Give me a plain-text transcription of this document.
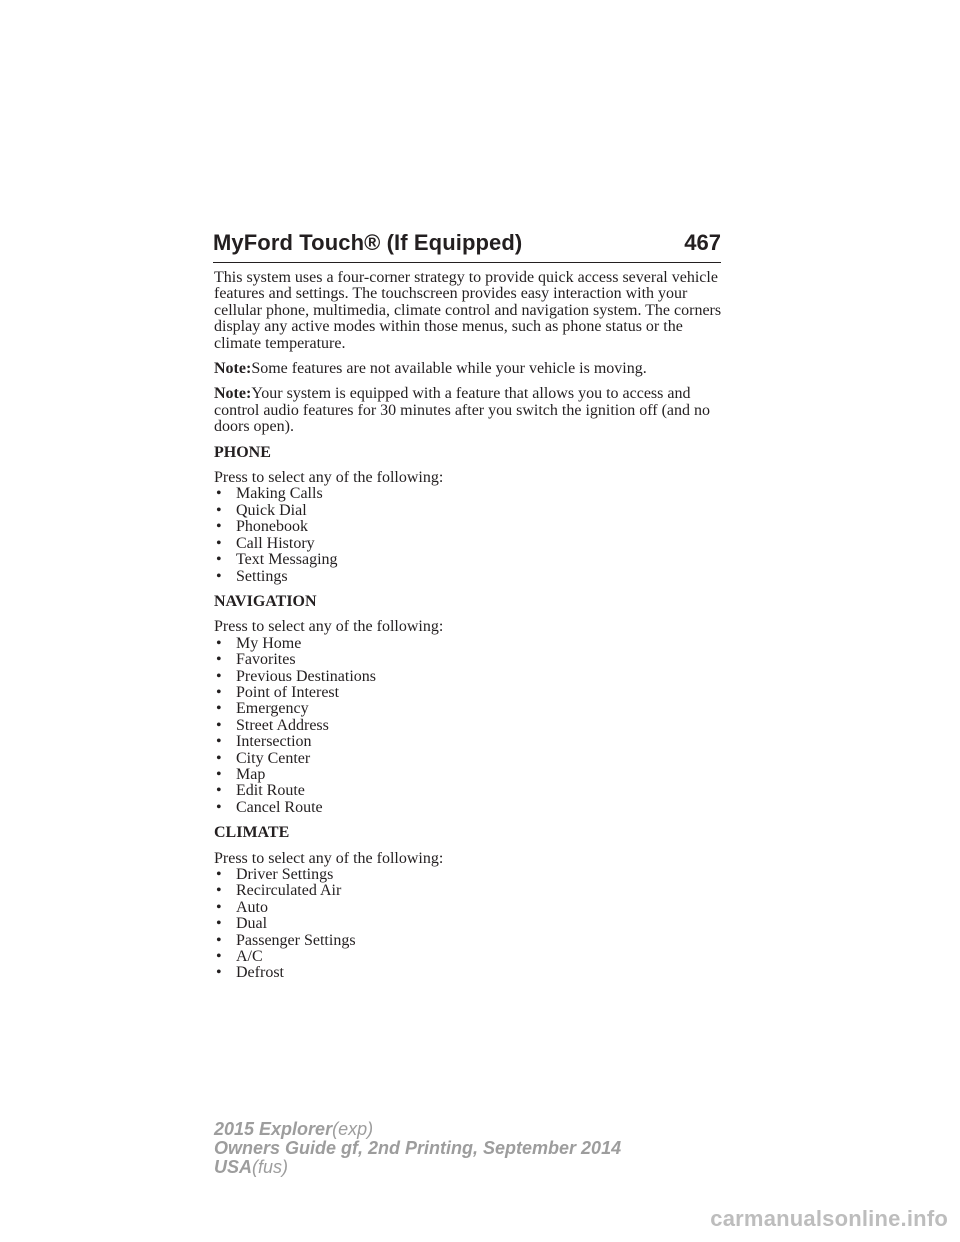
MyFord Touch® (If Equipped)	467

This system uses a four-corner strategy to provide quick access several vehicle features and settings. The touchscreen provides easy interaction with your cellular phone, multimedia, climate control and navigation system. The corners display any active modes within those menus, such as phone status or the climate temperature.

Note:Some features are not available while your vehicle is moving.

Note:Your system is equipped with a feature that allows you to access and control audio features for 30 minutes after you switch the ignition off (and no doors open).

PHONE

Press to select any of the following:

• Making Calls
• Quick Dial
• Phonebook
• Call History
• Text Messaging
• Settings

NAVIGATION

Press to select any of the following:

• My Home
• Favorites
• Previous Destinations
• Point of Interest
• Emergency
• Street Address
• Intersection
• City Center
• Map
• Edit Route
• Cancel Route

CLIMATE

Press to select any of the following:

• Driver Settings
• Recirculated Air
• Auto
• Dual
• Passenger Settings
• A/C
• Defrost
2015 Explorer(exp)
Owners Guide gf, 2nd Printing, September 2014
USA(fus)
carmanualsonline.info
